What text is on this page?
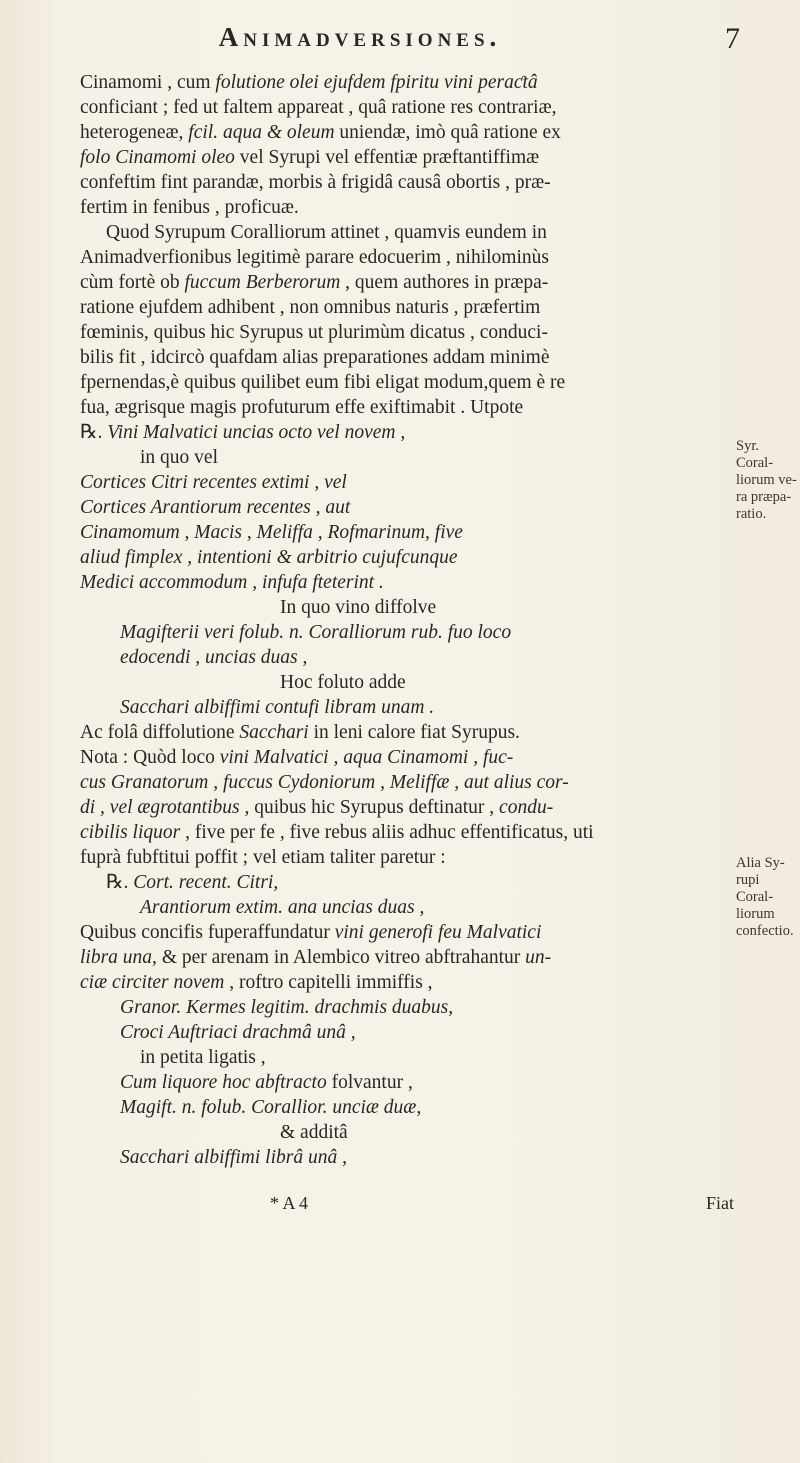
Animadversiones.	7
Cinamomi , cum folutione olei ejufdem fpiritu vini peraƈtâ
conficiant ; fed ut faltem appareat , quâ ratione res contrariæ,
heterogeneæ, fcil. aqua & oleum uniendæ, imò quâ ratione ex
folo Cinamomi oleo vel Syrupi vel effentiæ præftantiffimæ
confeftim fint parandæ, morbis à frigidâ causâ obortis , præ-
fertim in fenibus , proficuæ.
Quod Syrupum Coralliorum attinet , quamvis eundem in
Animadverfionibus legitimè parare edocuerim , nihilominùs
cùm fortè ob fuccum Berberorum , quem authores in præpa-
ratione ejufdem adhibent , non omnibus naturis , præfertim
fœminis, quibus hic Syrupus ut plurimùm dicatus , conduci-
bilis fit , idcircò quafdam alias preparationes addam minimè
fpernendas,è quibus quilibet eum fibi eligat modum,quem è re
fua, ægrisque magis profuturum effe exiftimabit . Utpote
℞. Vini Malvatici uncias octo vel novem ,
in quo vel
Cortices Citri recentes extimi , vel
Cortices Arantiorum recentes , aut
Cinamomum , Macis , Meliffa , Rofmarinum, five
aliud fimplex , intentioni & arbitrio cujufcunque
Medici accommodum , infufa fteterint .
In quo vino diffolve
Magifterii veri folub. n. Coralliorum rub. fuo loco
edocendi , uncias duas ,
Hoc foluto adde
Sacchari albiffimi contufi libram unam .
Ac folâ diffolutione Sacchari in leni calore fiat Syrupus.
Nota : Quòd loco vini Malvatici , aqua Cinamomi , fuc-
cus Granatorum , fuccus Cydoniorum , Meliffæ , aut alius cor-
di , vel ægrotantibus , quibus hic Syrupus deftinatur , condu-
cibilis liquor , five per fe , five rebus aliis adhuc effentificatus, uti
fuprà fubftitui poffit ; vel etiam taliter paretur :
℞. Cort. recent. Citri,
Arantiorum extim. ana uncias duas ,
Quibus concifis fuperaffundatur vini generofi feu Malvatici
libra una, & per arenam in Alembico vitreo abftrahantur un-
ciæ circiter novem , roftro capitelli immiffis ,
Granor. Kermes legitim. drachmis duabus,
Croci Auftriaci drachmâ unâ ,
in petita ligatis ,
Cum liquore hoc abftracto folvantur ,
Magift. n. folub. Corallior. unciæ duæ,
& additâ
Sacchari albiffimi librâ unâ ,
Syr. Coral- liorum ve- ra præpa- ratio.
Alia Sy- rupi Coral- liorum confectio.
* A 4	Fiat
